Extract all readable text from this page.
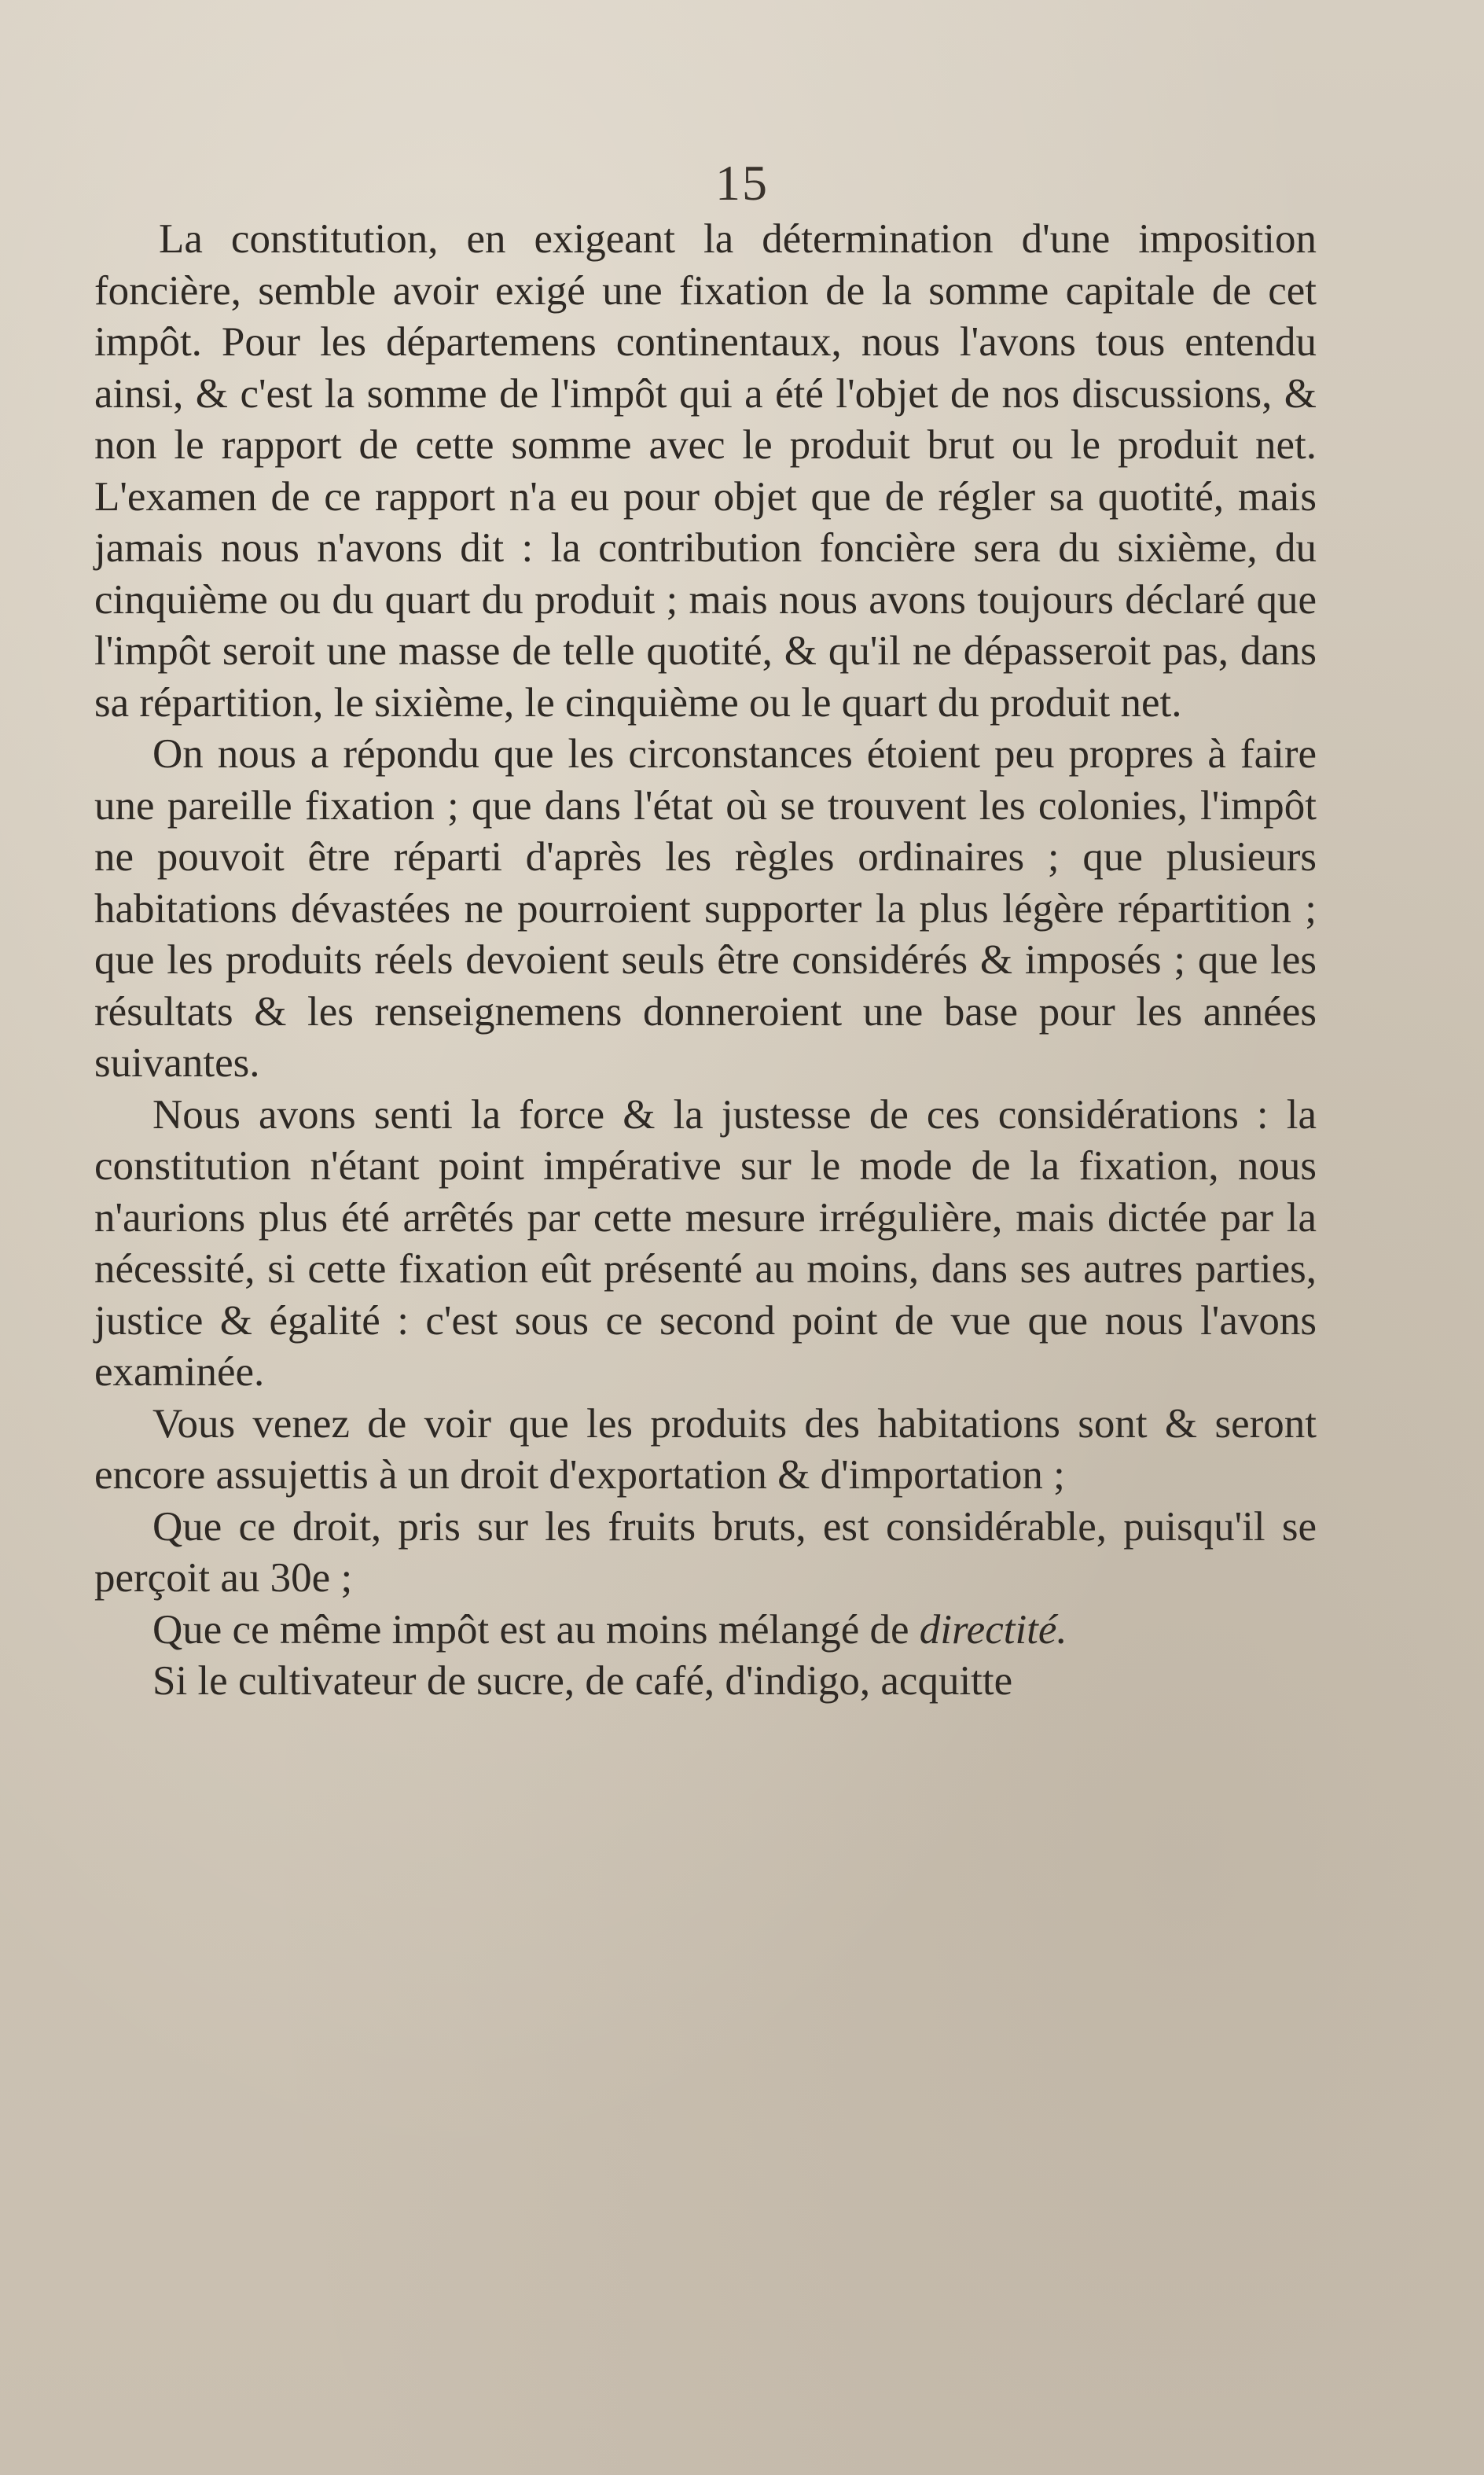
15

La constitution, en exigeant la détermination d'une imposition foncière, semble avoir exigé une fixation de la somme capitale de cet impôt. Pour les départemens continentaux, nous l'avons tous entendu ainsi, & c'est la somme de l'impôt qui a été l'objet de nos discussions, & non le rapport de cette somme avec le produit brut ou le produit net. L'examen de ce rapport n'a eu pour objet que de régler sa quotité, mais jamais nous n'avons dit : la contribution foncière sera du sixième, du cinquième ou du quart du produit ; mais nous avons toujours déclaré que l'impôt seroit une masse de telle quotité, & qu'il ne dépasseroit pas, dans sa répartition, le sixième, le cinquième ou le quart du produit net.

On nous a répondu que les circonstances étoient peu propres à faire une pareille fixation ; que dans l'état où se trouvent les colonies, l'impôt ne pouvoit être réparti d'après les règles ordinaires ; que plusieurs habitations dévastées ne pourroient supporter la plus légère répartition ; que les produits réels devoient seuls être considérés & imposés ; que les résultats & les renseignemens donneroient une base pour les années suivantes.

Nous avons senti la force & la justesse de ces considérations : la constitution n'étant point impérative sur le mode de la fixation, nous n'aurions plus été arrêtés par cette mesure irrégulière, mais dictée par la nécessité, si cette fixation eût présenté au moins, dans ses autres parties, justice & égalité : c'est sous ce second point de vue que nous l'avons examinée.

Vous venez de voir que les produits des habitations sont & seront encore assujettis à un droit d'exportation & d'importation ;

Que ce droit, pris sur les fruits bruts, est considérable, puisqu'il se perçoit au 30e ;

Que ce même impôt est au moins mélangé de directité.

Si le cultivateur de sucre, de café, d'indigo, acquitte
